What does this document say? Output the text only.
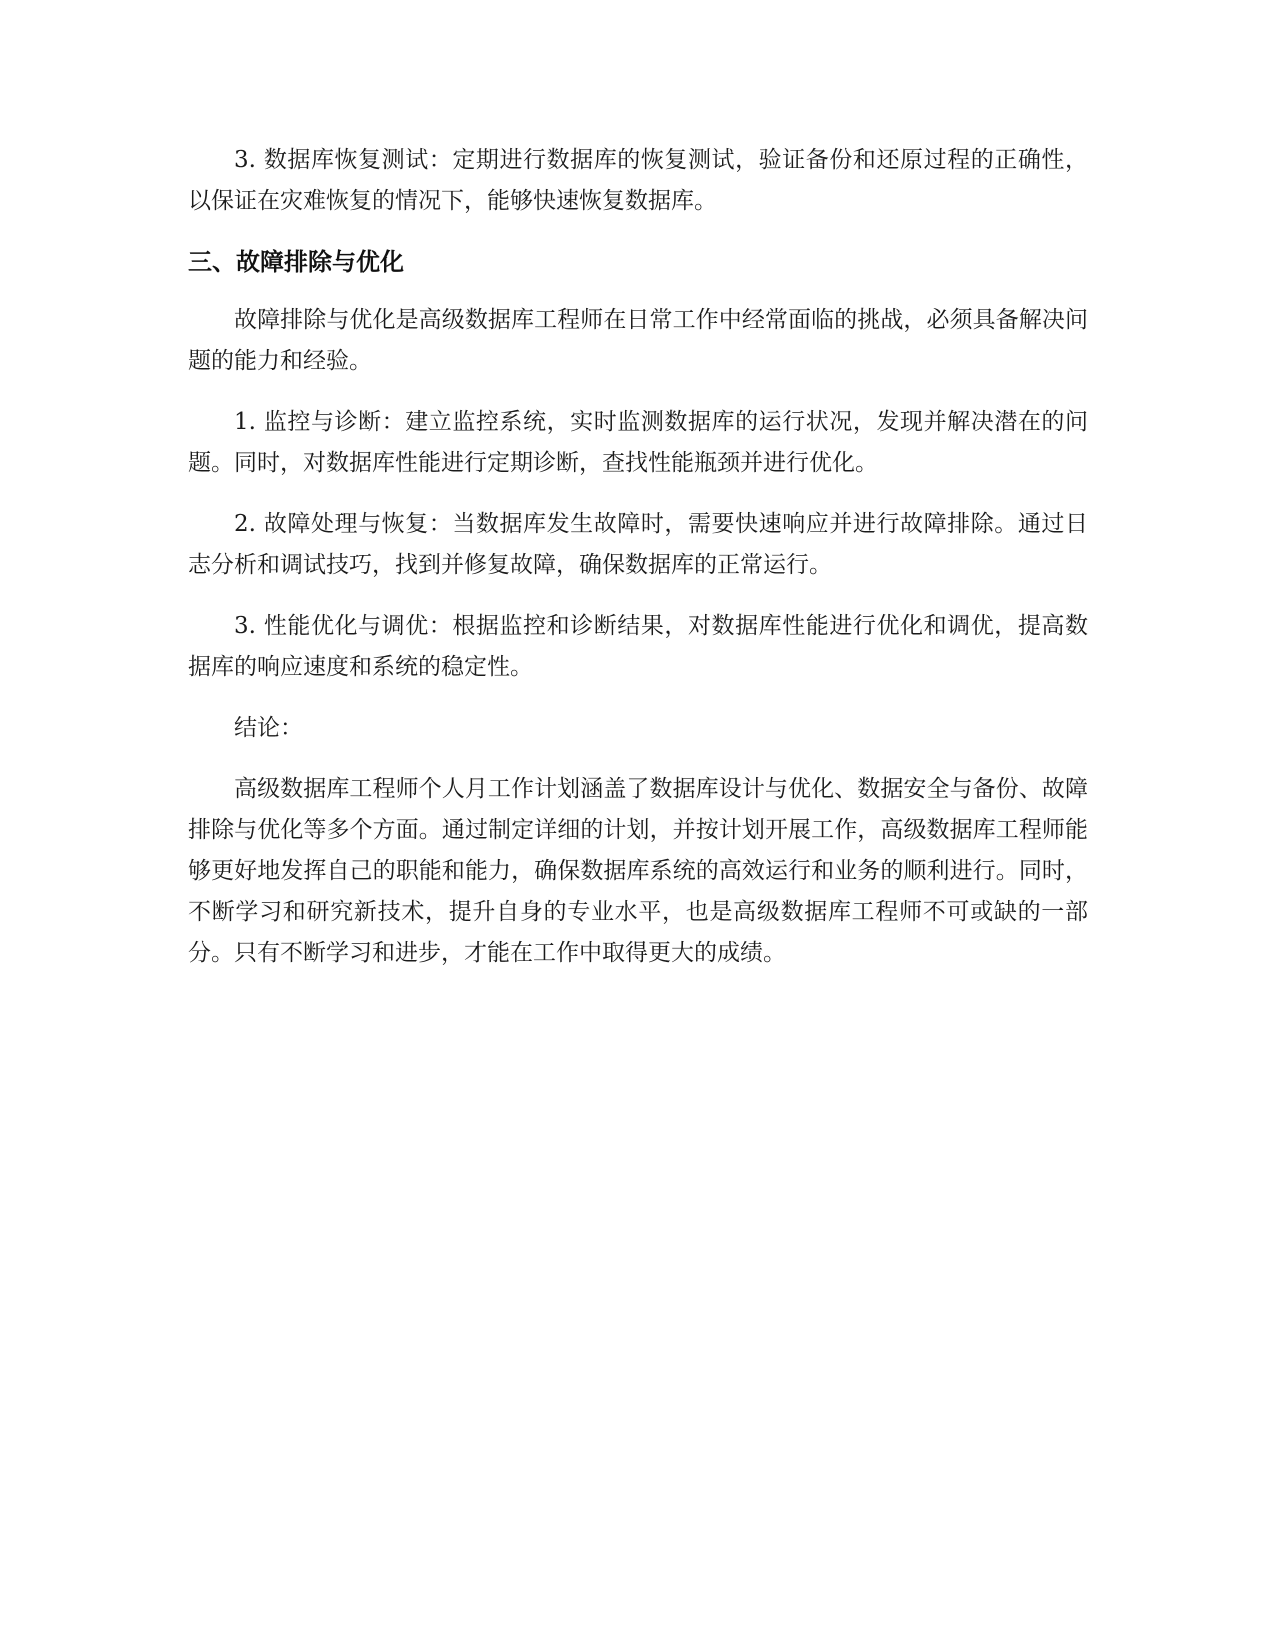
3. 数据库恢复测试：定期进行数据库的恢复测试，验证备份和还原过程的正确性，以保证在灾难恢复的情况下，能够快速恢复数据库。

三、故障排除与优化

故障排除与优化是高级数据库工程师在日常工作中经常面临的挑战，必须具备解决问题的能力和经验。

1. 监控与诊断：建立监控系统，实时监测数据库的运行状况，发现并解决潜在的问题。同时，对数据库性能进行定期诊断，查找性能瓶颈并进行优化。

2. 故障处理与恢复：当数据库发生故障时，需要快速响应并进行故障排除。通过日志分析和调试技巧，找到并修复故障，确保数据库的正常运行。

3. 性能优化与调优：根据监控和诊断结果，对数据库性能进行优化和调优，提高数据库的响应速度和系统的稳定性。

结论：

高级数据库工程师个人月工作计划涵盖了数据库设计与优化、数据安全与备份、故障排除与优化等多个方面。通过制定详细的计划，并按计划开展工作，高级数据库工程师能够更好地发挥自己的职能和能力，确保数据库系统的高效运行和业务的顺利进行。同时，不断学习和研究新技术，提升自身的专业水平，也是高级数据库工程师不可或缺的一部分。只有不断学习和进步，才能在工作中取得更大的成绩。
